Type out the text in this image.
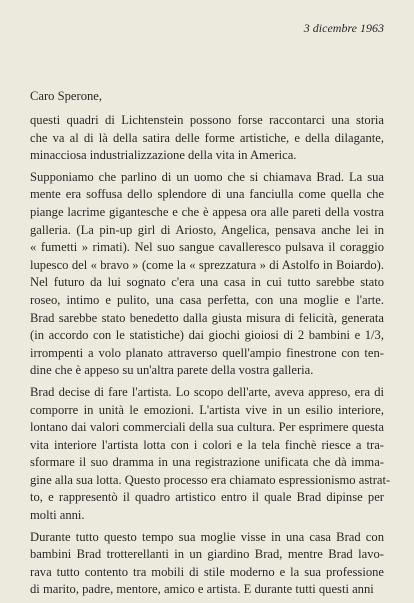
3 dicembre 1963
Caro Sperone,
questi quadri di Lichtenstein possono forse raccontarci una storia
che va al di là della satira delle forme artistiche, e della dilagante,
minacciosa industrializzazione della vita in America.
Supponiamo che parlino di un uomo che si chiamava Brad. La sua
mente era soffusa dello splendore di una fanciulla come quella che
piange lacrime gigantesche e che è appesa ora alle pareti della vostra
galleria. (La pin-up girl di Ariosto, Angelica, pensava anche lei in
« fumetti » rimati). Nel suo sangue cavalleresco pulsava il coraggio
lupesco del « bravo » (come la « sprezzatura » di Astolfo in Boiardo).
Nel futuro da lui sognato c'era una casa in cui tutto sarebbe stato
roseo, intimo e pulito, una casa perfetta, con una moglie e l'arte.
Brad sarebbe stato benedetto dalla giusta misura di felicità, generata
(in accordo con le statistiche) dai giochi gioiosi di 2 bambini e 1/3,
irrompenti a volo planato attraverso quell'ampio finestrone con ten-
dine che è appeso su un'altra parete della vostra galleria.
Brad decise di fare l'artista. Lo scopo dell'arte, aveva appreso, era di
comporre in unità le emozioni. L'artista vive in un esilio interiore,
lontano dai valori commerciali della sua cultura. Per esprimere questa
vita interiore l'artista lotta con i colori e la tela finchè riesce a tra-
sformare il suo dramma in una registrazione unificata che dà imma-
gine alla sua lotta. Questo processo era chiamato espressionismo astrat-
to, e rappresentò il quadro artistico entro il quale Brad dipinse per
molti anni.
Durante tutto questo tempo sua moglie visse in una casa Brad con
bambini Brad trotterellanti in un giardino Brad, mentre Brad lavo-
rava tutto contento tra mobili di stile moderno e la sua professione
di marito, padre, mentore, amico e artista. E durante tutti questi anni
